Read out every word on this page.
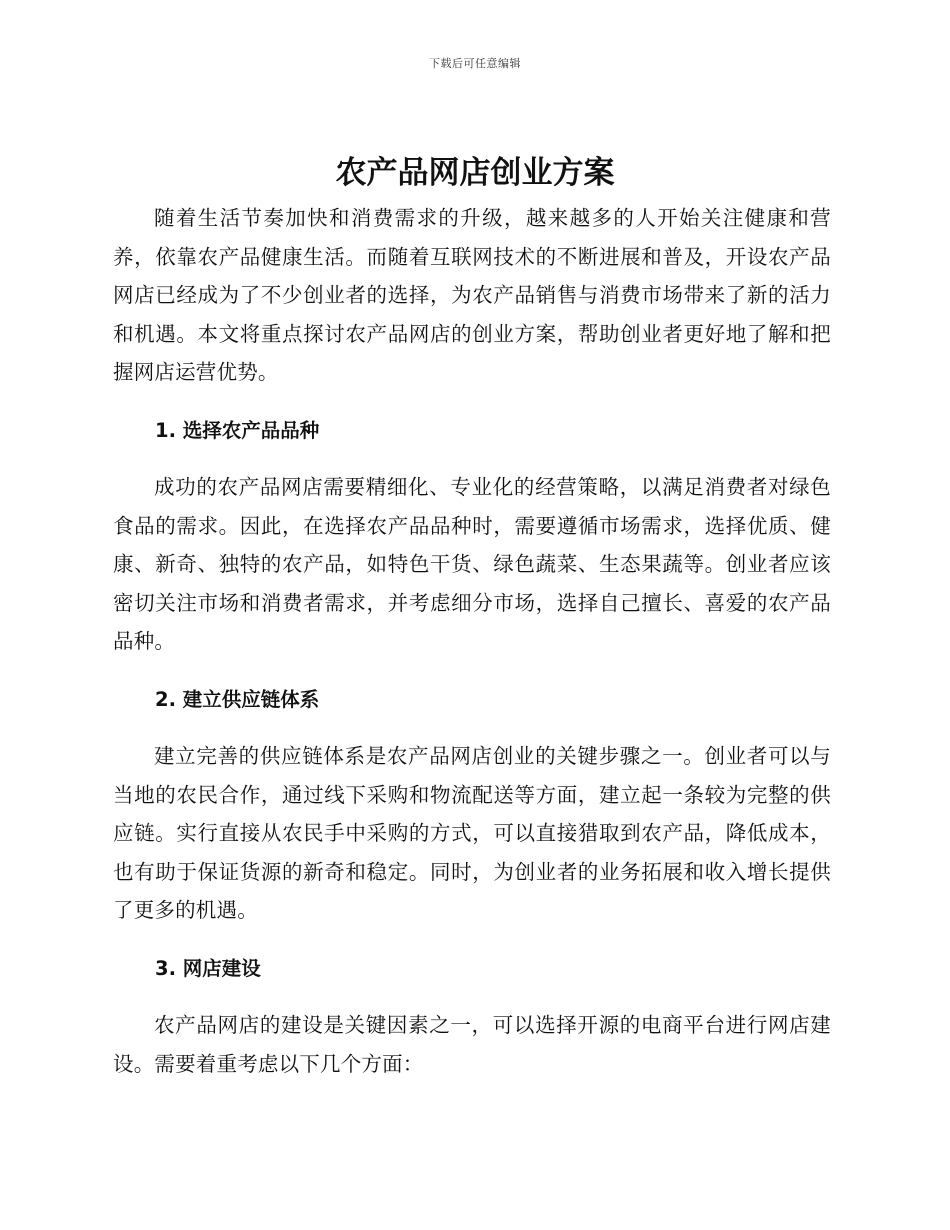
下载后可任意编辑
农产品网店创业方案

随着生活节奏加快和消费需求的升级，越来越多的人开始关注健康和营养，依靠农产品健康生活。而随着互联网技术的不断进展和普及，开设农产品网店已经成为了不少创业者的选择，为农产品销售与消费市场带来了新的活力和机遇。本文将重点探讨农产品网店的创业方案，帮助创业者更好地了解和把握网店运营优势。

1. 选择农产品品种

成功的农产品网店需要精细化、专业化的经营策略，以满足消费者对绿色食品的需求。因此，在选择农产品品种时，需要遵循市场需求，选择优质、健康、新奇、独特的农产品，如特色干货、绿色蔬菜、生态果蔬等。创业者应该密切关注市场和消费者需求，并考虑细分市场，选择自己擅长、喜爱的农产品品种。

2. 建立供应链体系

建立完善的供应链体系是农产品网店创业的关键步骤之一。创业者可以与当地的农民合作，通过线下采购和物流配送等方面，建立起一条较为完整的供应链。实行直接从农民手中采购的方式，可以直接猎取到农产品，降低成本，也有助于保证货源的新奇和稳定。同时，为创业者的业务拓展和收入增长提供了更多的机遇。

3. 网店建设

农产品网店的建设是关键因素之一，可以选择开源的电商平台进行网店建设。需要着重考虑以下几个方面：
